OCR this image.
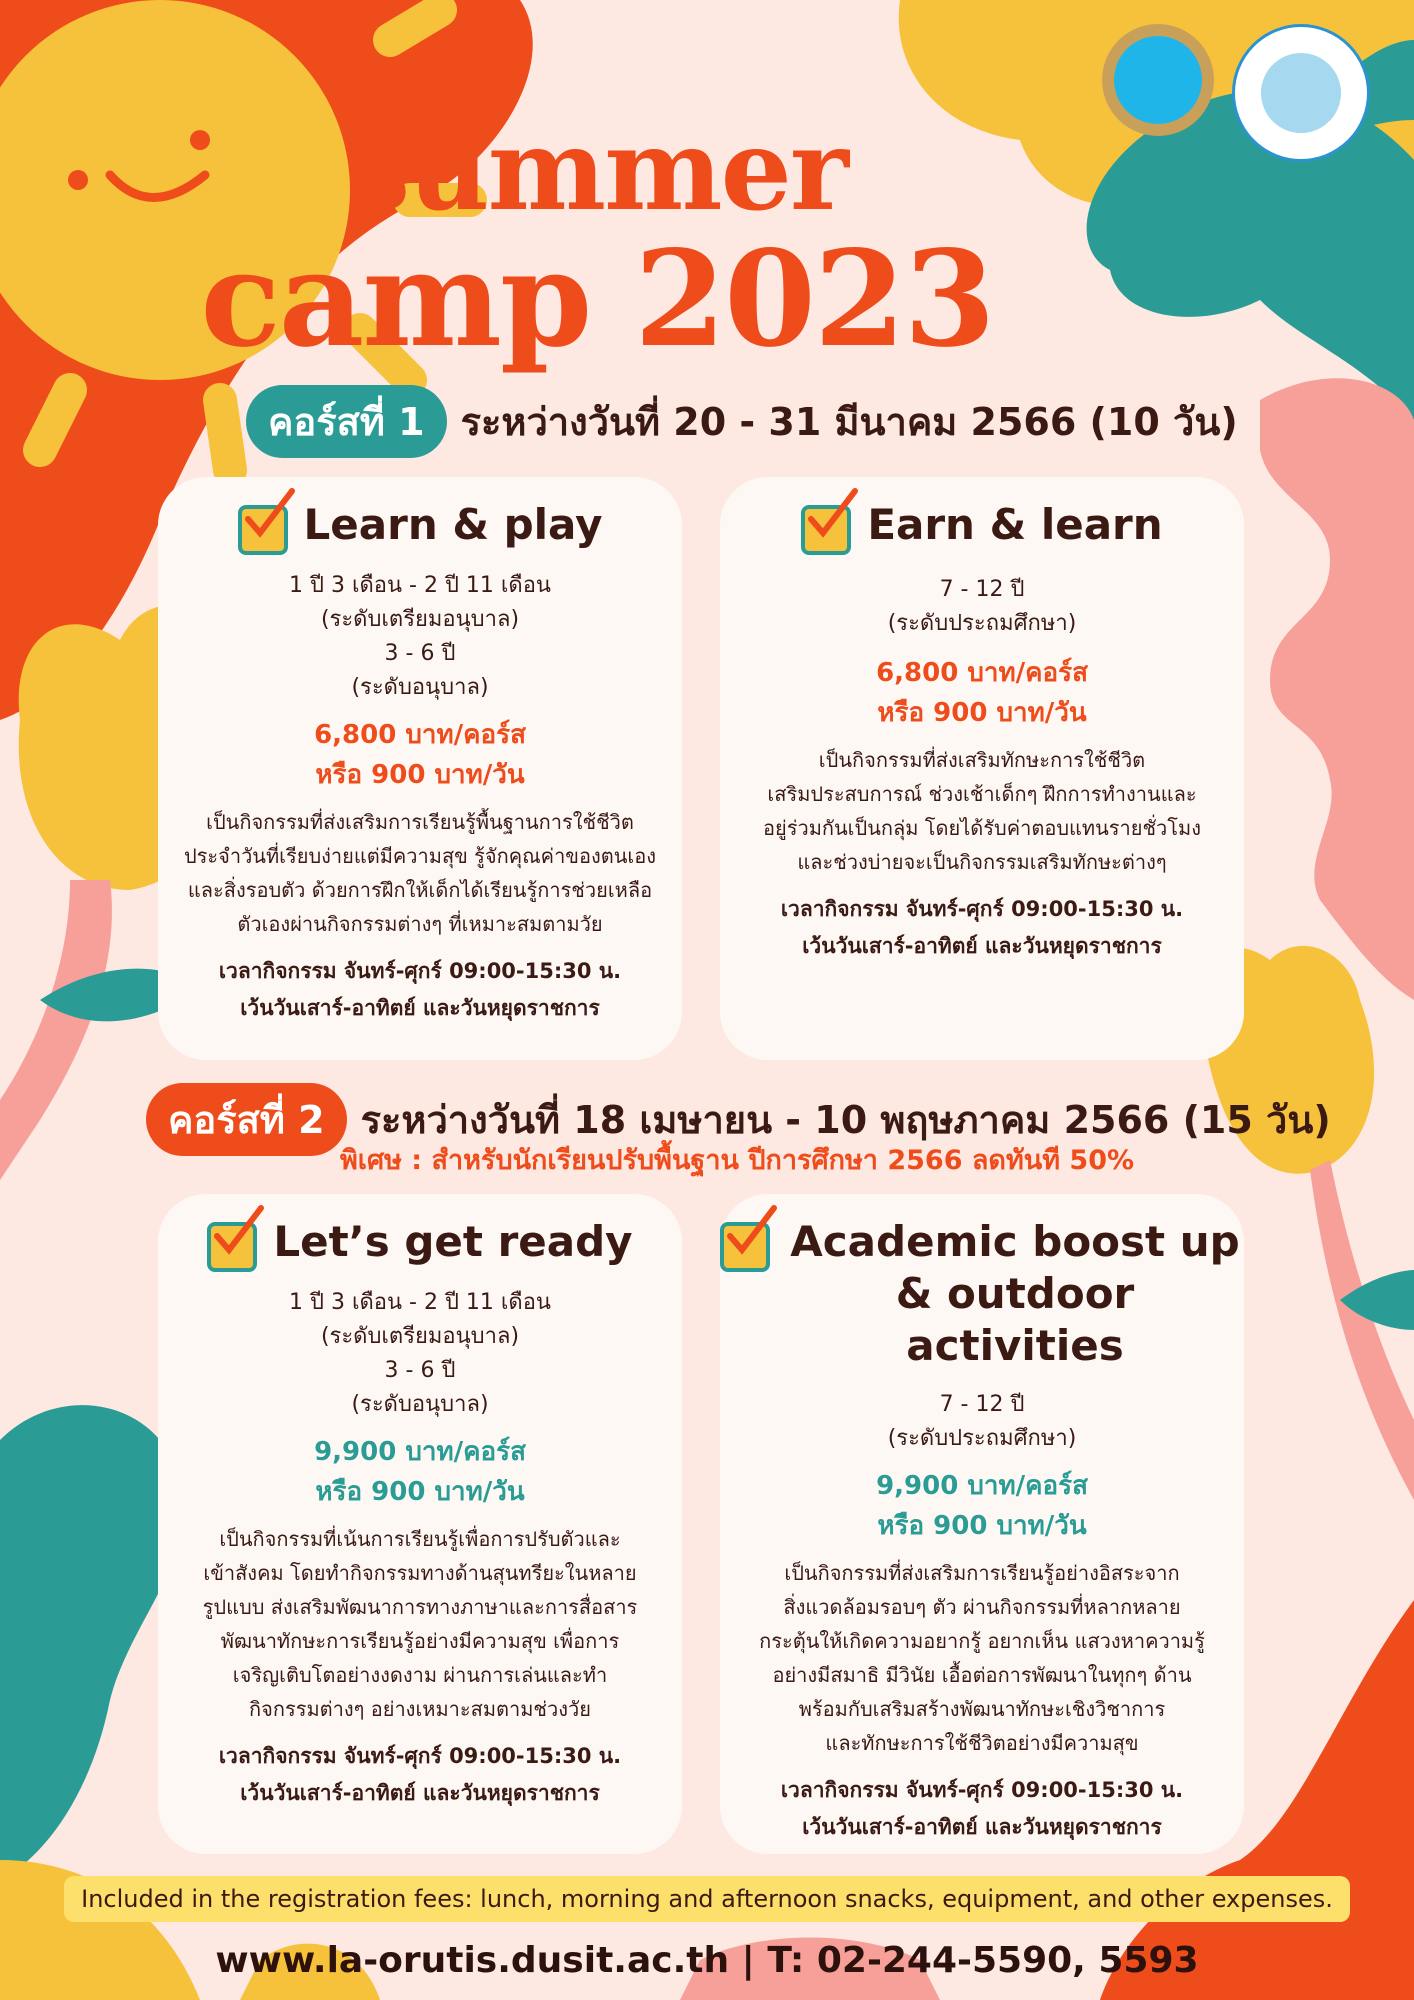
summer
camp 2023
คอร์สที่ 1 ระหว่างวันที่ 20 - 31 มีนาคม 2566 (10 วัน)
Learn & play
1 ปี 3 เดือน - 2 ปี 11 เดือน
(ระดับเตรียมอนุบาล)
3 - 6 ปี
(ระดับอนุบาล)
6,800 บาท/คอร์ส
หรือ 900 บาท/วัน
เป็นกิจกรรมที่ส่งเสริมการเรียนรู้พื้นฐานการใช้ชีวิต
ประจำวันที่เรียบง่ายแต่มีความสุข รู้จักคุณค่าของตนเอง
และสิ่งรอบตัว ด้วยการฝึกให้เด็กได้เรียนรู้การช่วยเหลือ
ตัวเองผ่านกิจกรรมต่างๆ ที่เหมาะสมตามวัย
เวลากิจกรรม จันทร์-ศุกร์ 09:00-15:30 น.
เว้นวันเสาร์-อาทิตย์ และวันหยุดราชการ
Earn & learn
7 - 12 ปี
(ระดับประถมศึกษา)
6,800 บาท/คอร์ส
หรือ 900 บาท/วัน
เป็นกิจกรรมที่ส่งเสริมทักษะการใช้ชีวิต
เสริมประสบการณ์ ช่วงเช้าเด็กๆ ฝึกการทำงานและ
อยู่ร่วมกันเป็นกลุ่ม โดยได้รับค่าตอบแทนรายชั่วโมง
และช่วงบ่ายจะเป็นกิจกรรมเสริมทักษะต่างๆ
เวลากิจกรรม จันทร์-ศุกร์ 09:00-15:30 น.
เว้นวันเสาร์-อาทิตย์ และวันหยุดราชการ
คอร์สที่ 2 ระหว่างวันที่ 18 เมษายน - 10 พฤษภาคม 2566 (15 วัน)
พิเศษ : สำหรับนักเรียนปรับพื้นฐาน ปีการศึกษา 2566 ลดทันที 50%
Let’s get ready
1 ปี 3 เดือน - 2 ปี 11 เดือน
(ระดับเตรียมอนุบาล)
3 - 6 ปี
(ระดับอนุบาล)
9,900 บาท/คอร์ส
หรือ 900 บาท/วัน
เป็นกิจกรรมที่เน้นการเรียนรู้เพื่อการปรับตัวและ
เข้าสังคม โดยทำกิจกรรมทางด้านสุนทรียะในหลาย
รูปแบบ ส่งเสริมพัฒนาการทางภาษาและการสื่อสาร
พัฒนาทักษะการเรียนรู้อย่างมีความสุข เพื่อการ
เจริญเติบโตอย่างงดงาม ผ่านการเล่นและทำ
กิจกรรมต่างๆ อย่างเหมาะสมตามช่วงวัย
เวลากิจกรรม จันทร์-ศุกร์ 09:00-15:30 น.
เว้นวันเสาร์-อาทิตย์ และวันหยุดราชการ
Academic boost up
& outdoor activities
7 - 12 ปี
(ระดับประถมศึกษา)
9,900 บาท/คอร์ส
หรือ 900 บาท/วัน
เป็นกิจกรรมที่ส่งเสริมการเรียนรู้อย่างอิสระจาก
สิ่งแวดล้อมรอบๆ ตัว ผ่านกิจกรรมที่หลากหลาย
กระตุ้นให้เกิดความอยากรู้ อยากเห็น แสวงหาความรู้
อย่างมีสมาธิ มีวินัย เอื้อต่อการพัฒนาในทุกๆ ด้าน
พร้อมกับเสริมสร้างพัฒนาทักษะเชิงวิชาการ
และทักษะการใช้ชีวิตอย่างมีความสุข
เวลากิจกรรม จันทร์-ศุกร์ 09:00-15:30 น.
เว้นวันเสาร์-อาทิตย์ และวันหยุดราชการ
Included in the registration fees: lunch, morning and afternoon snacks, equipment, and other expenses.
www.la-orutis.dusit.ac.th | T: 02-244-5590, 5593
